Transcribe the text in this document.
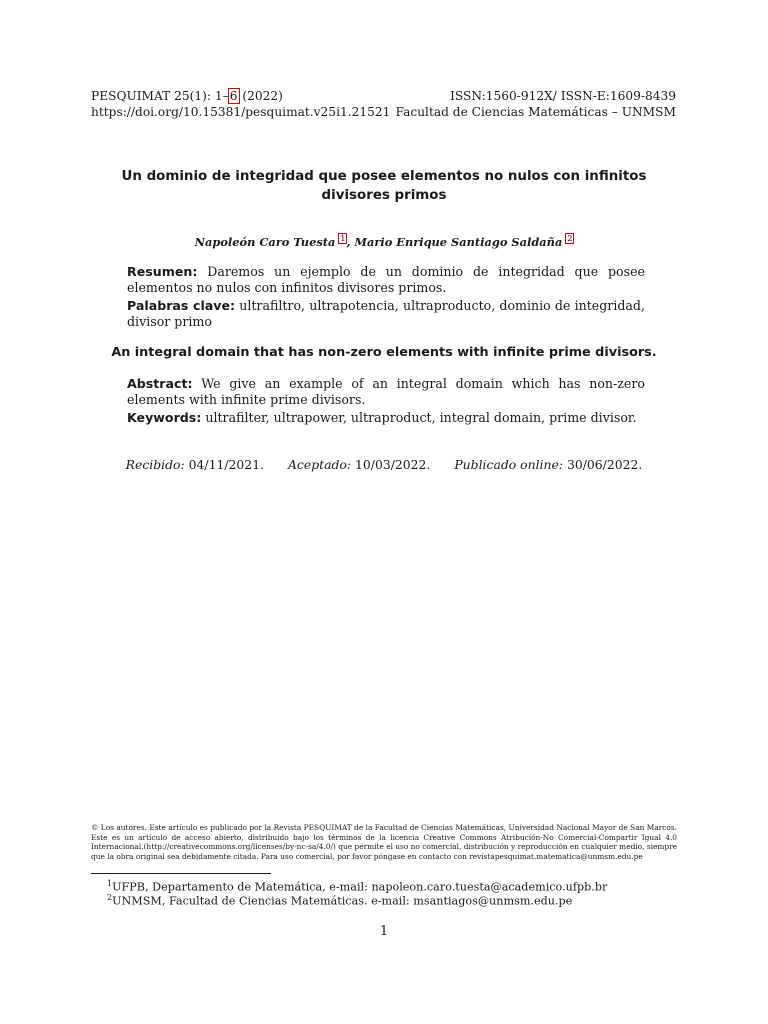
PESQUIMAT 25(1): 1–6 (2022)
https://doi.org/10.15381/pesquimat.v25i1.21521
ISSN:1560-912X/ ISSN-E:1609-8439
Facultad de Ciencias Matemáticas – UNMSM
Un dominio de integridad que posee elementos no nulos con infinitos divisores primos
Napoleón Caro Tuesta $^1$, Mario Enrique Santiago Saldaña $^2$
Resumen: Daremos un ejemplo de un dominio de integridad que posee elementos no nulos con infinitos divisores primos.
Palabras clave: ultrafiltro, ultrapotencia, ultraproducto, dominio de integridad, divisor primo
An integral domain that has non-zero elements with infinite prime divisors.
Abstract: We give an example of an integral domain which has non-zero elements with infinite prime divisors.
Keywords: ultrafilter, ultrapower, ultraproduct, integral domain, prime divisor.
Recibido: 04/11/2021. Aceptado: 10/03/2022. Publicado online: 30/06/2022.
© Los autores. Este artículo es publicado por la Revista PESQUIMAT de la Facultad de Ciencias Matemáticas, Universidad Nacional Mayor de San Marcos. Este es un artículo de acceso abierto, distribuido bajo los términos de la licencia Creative Commons Atribución-No Comercial-Compartir Igual 4.0 Internacional.(http://creativecommons.org/licenses/by-nc-sa/4.0/) que permite el uso no comercial, distribución y reproducción en cualquier medio, siempre que la obra original sea debidamente citada. Para uso comercial, por favor póngase en contacto con revistapesquimat.matematica@unmsm.edu.pe
$^1$UFPB, Departamento de Matemática, e-mail: napoleon.caro.tuesta@academico.ufpb.br
$^2$UNMSM, Facultad de Ciencias Matemáticas. e-mail: msantiagos@unmsm.edu.pe
1
